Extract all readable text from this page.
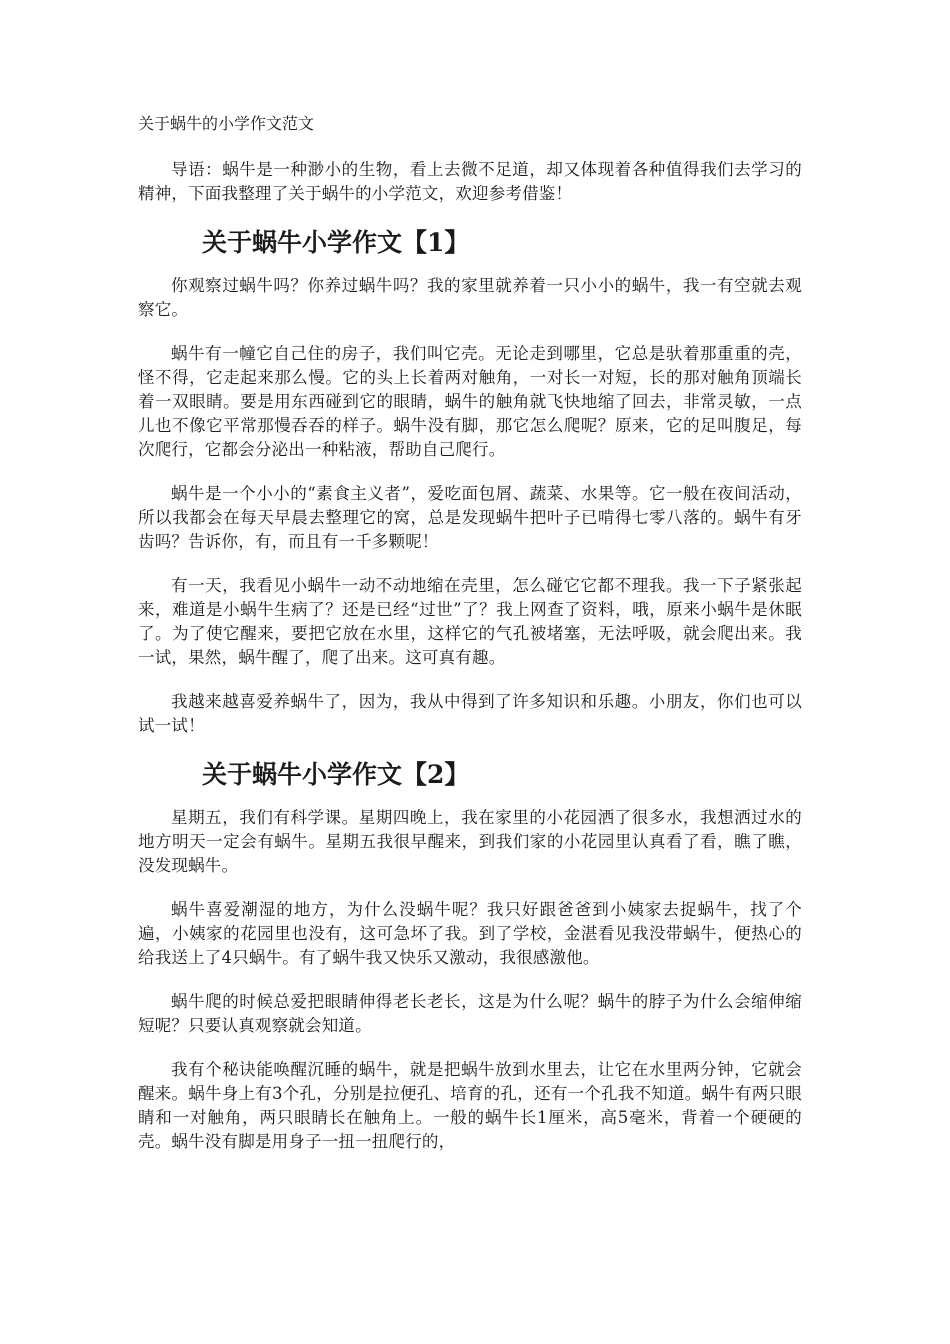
关于蜗牛的小学作文范文

导语：蜗牛是一种渺小的生物，看上去微不足道，却又体现着各种值得我们去学习的精神，下面我整理了关于蜗牛的小学范文，欢迎参考借鉴！

关于蜗牛小学作文【1】

你观察过蜗牛吗？你养过蜗牛吗？我的家里就养着一只小小的蜗牛，我一有空就去观察它。

蜗牛有一幢它自己住的房子，我们叫它壳。无论走到哪里，它总是驮着那重重的壳，怪不得，它走起来那么慢。它的头上长着两对触角，一对长一对短，长的那对触角顶端长着一双眼睛。要是用东西碰到它的眼睛，蜗牛的触角就飞快地缩了回去，非常灵敏，一点儿也不像它平常那慢吞吞的样子。蜗牛没有脚，那它怎么爬呢？原来，它的足叫腹足，每次爬行，它都会分泌出一种粘液，帮助自己爬行。

蜗牛是一个小小的“素食主义者”，爱吃面包屑、蔬菜、水果等。它一般在夜间活动，所以我都会在每天早晨去整理它的窝，总是发现蜗牛把叶子已啃得七零八落的。蜗牛有牙齿吗？告诉你，有，而且有一千多颗呢！

有一天，我看见小蜗牛一动不动地缩在壳里，怎么碰它它都不理我。我一下子紧张起来，难道是小蜗牛生病了？还是已经“过世”了？我上网查了资料，哦，原来小蜗牛是休眠了。为了使它醒来，要把它放在水里，这样它的气孔被堵塞，无法呼吸，就会爬出来。我一试，果然，蜗牛醒了，爬了出来。这可真有趣。

我越来越喜爱养蜗牛了，因为，我从中得到了许多知识和乐趣。小朋友，你们也可以试一试！

关于蜗牛小学作文【2】

星期五，我们有科学课。星期四晚上，我在家里的小花园洒了很多水，我想洒过水的地方明天一定会有蜗牛。星期五我很早醒来，到我们家的小花园里认真看了看，瞧了瞧，没发现蜗牛。

蜗牛喜爱潮湿的地方，为什么没蜗牛呢？我只好跟爸爸到小姨家去捉蜗牛，找了个遍，小姨家的花园里也没有，这可急坏了我。到了学校，金湛看见我没带蜗牛，便热心的给我送上了4只蜗牛。有了蜗牛我又快乐又激动，我很感激他。

蜗牛爬的时候总爱把眼睛伸得老长老长，这是为什么呢？蜗牛的脖子为什么会缩伸缩短呢？只要认真观察就会知道。

我有个秘诀能唤醒沉睡的蜗牛，就是把蜗牛放到水里去，让它在水里两分钟，它就会醒来。蜗牛身上有3个孔，分别是拉便孔、培育的孔，还有一个孔我不知道。蜗牛有两只眼睛和一对触角，两只眼睛长在触角上。一般的蜗牛长1厘米，高5毫米，背着一个硬硬的壳。蜗牛没有脚是用身子一扭一扭爬行的，
